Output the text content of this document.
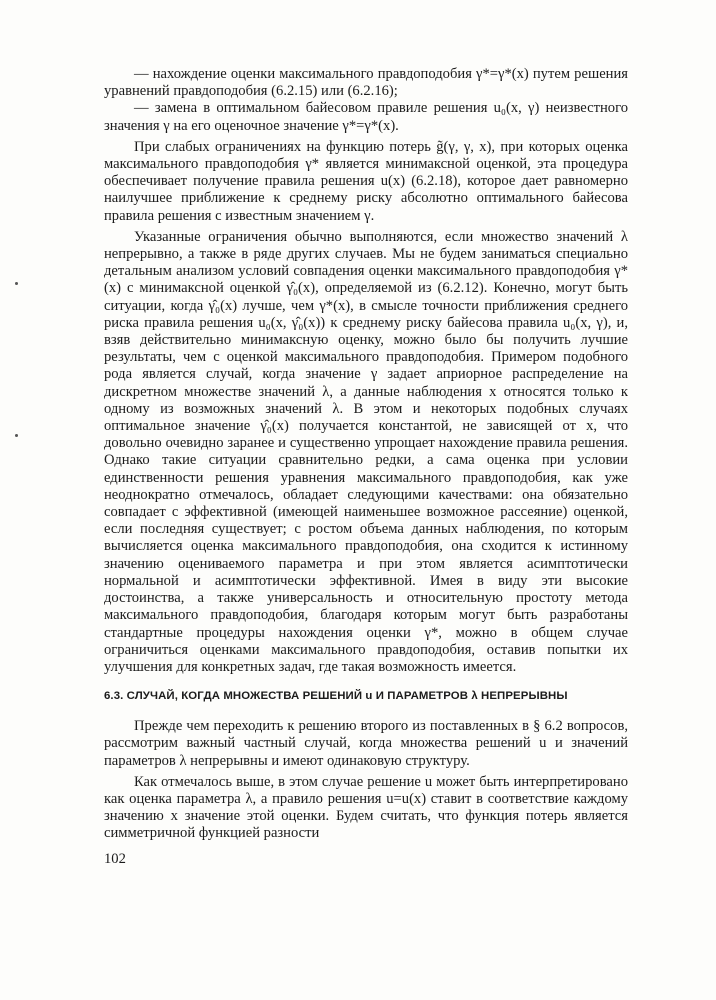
— нахождение оценки максимального правдоподобия γ*=γ*(x) путем решения уравнений правдоподобия (6.2.15) или (6.2.16);

— замена в оптимальном байесовом правиле решения u₀(x, γ) неизвестного значения γ на его оценочное значение γ*=γ*(x).

При слабых ограничениях на функцию потерь g̃(γ, γ, x), при которых оценка максимального правдоподобия γ* является минимаксной оценкой, эта процедура обеспечивает получение правила решения u(x) (6.2.18), которое дает равномерно наилучшее приближение к среднему риску абсолютно оптимального байесова правила решения с известным значением γ.

Указанные ограничения обычно выполняются, если множество значений λ непрерывно, а также в ряде других случаев. Мы не будем заниматься специально детальным анализом условий совпадения оценки максимального правдоподобия γ*(x) с минимаксной оценкой γ̂₀(x), определяемой из (6.2.12). Конечно, могут быть ситуации, когда γ̂₀(x) лучше, чем γ*(x), в смысле точности приближения среднего риска правила решения u₀(x, γ̂₀(x)) к среднему риску байесова правила u₀(x, γ), и, взяв действительно минимаксную оценку, можно было бы получить лучшие результаты, чем с оценкой максимального правдоподобия. Примером подобного рода является случай, когда значение γ задает априорное распределение на дискретном множестве значений λ, а данные наблюдения x относятся только к одному из возможных значений λ. В этом и некоторых подобных случаях оптимальное значение γ̂₀(x) получается константой, не зависящей от x, что довольно очевидно заранее и существенно упрощает нахождение правила решения. Однако такие ситуации сравнительно редки, а сама оценка при условии единственности решения уравнения максимального правдоподобия, как уже неоднократно отмечалось, обладает следующими качествами: она обязательно совпадает с эффективной (имеющей наименьшее возможное рассеяние) оценкой, если последняя существует; с ростом объема данных наблюдения, по которым вычисляется оценка максимального правдоподобия, она сходится к истинному значению оцениваемого параметра и при этом является асимптотически нормальной и асимптотически эффективной. Имея в виду эти высокие достоинства, а также универсальность и относительную простоту метода максимального правдоподобия, благодаря которым могут быть разработаны стандартные процедуры нахождения оценки γ*, можно в общем случае ограничиться оценками максимального правдоподобия, оставив попытки их улучшения для конкретных задач, где такая возможность имеется.

6.3. СЛУЧАЙ, КОГДА МНОЖЕСТВА РЕШЕНИЙ u И ПАРАМЕТРОВ λ НЕПРЕРЫВНЫ

Прежде чем переходить к решению второго из поставленных в § 6.2 вопросов, рассмотрим важный частный случай, когда множества решений u и значений параметров λ непрерывны и имеют одинаковую структуру.

Как отмечалось выше, в этом случае решение u может быть интерпретировано как оценка параметра λ, а правило решения u=u(x) ставит в соответствие каждому значению x значение этой оценки. Будем считать, что функция потерь является симметричной функцией разности

102
